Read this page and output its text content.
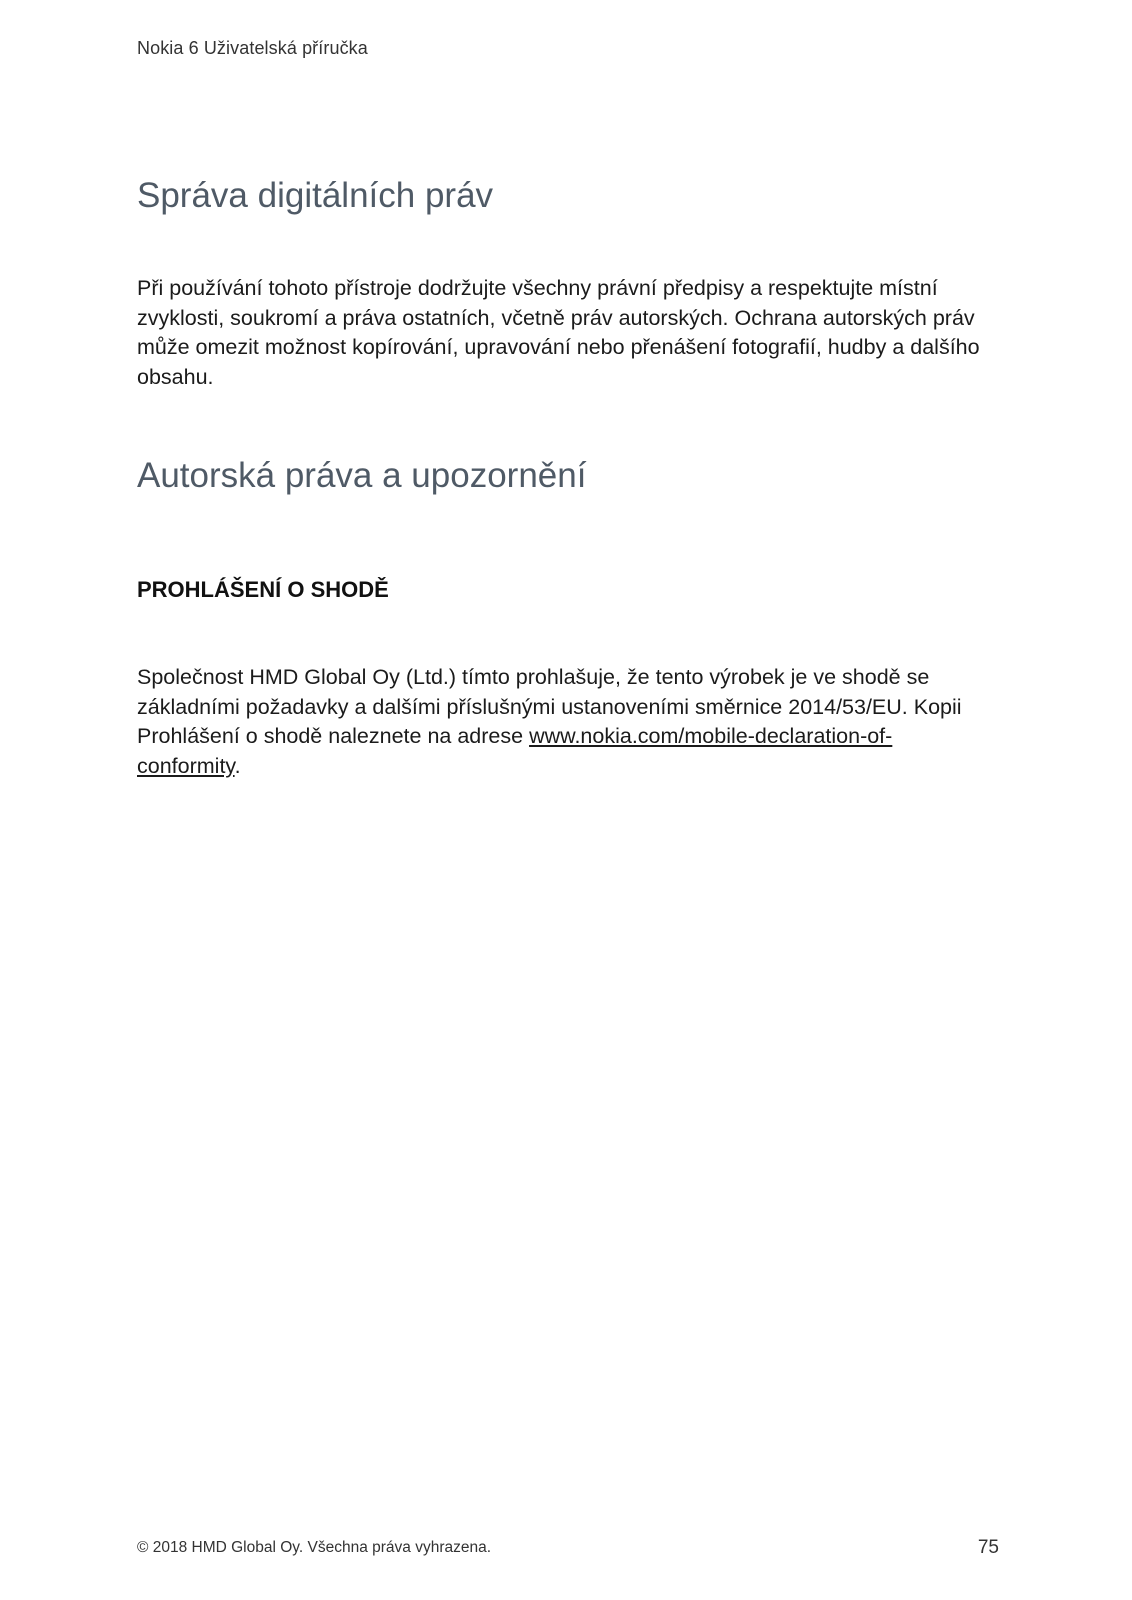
Nokia 6 Uživatelská příručka
Správa digitálních práv

Při používání tohoto přístroje dodržujte všechny právní předpisy a respektujte místní zvyklosti, soukromí a práva ostatních, včetně práv autorských. Ochrana autorských práv může omezit možnost kopírování, upravování nebo přenášení fotografií, hudby a dalšího obsahu.

Autorská práva a upozornění
PROHLÁŠENÍ O SHODĚ

Společnost HMD Global Oy (Ltd.) tímto prohlašuje, že tento výrobek je ve shodě se základními požadavky a dalšími příslušnými ustanoveními směrnice 2014/53/EU. Kopii Prohlášení o shodě naleznete na adrese www.nokia.com/mobile-declaration-of-conformity.

© 2018 HMD Global Oy. Všechna práva vyhrazena.	75
